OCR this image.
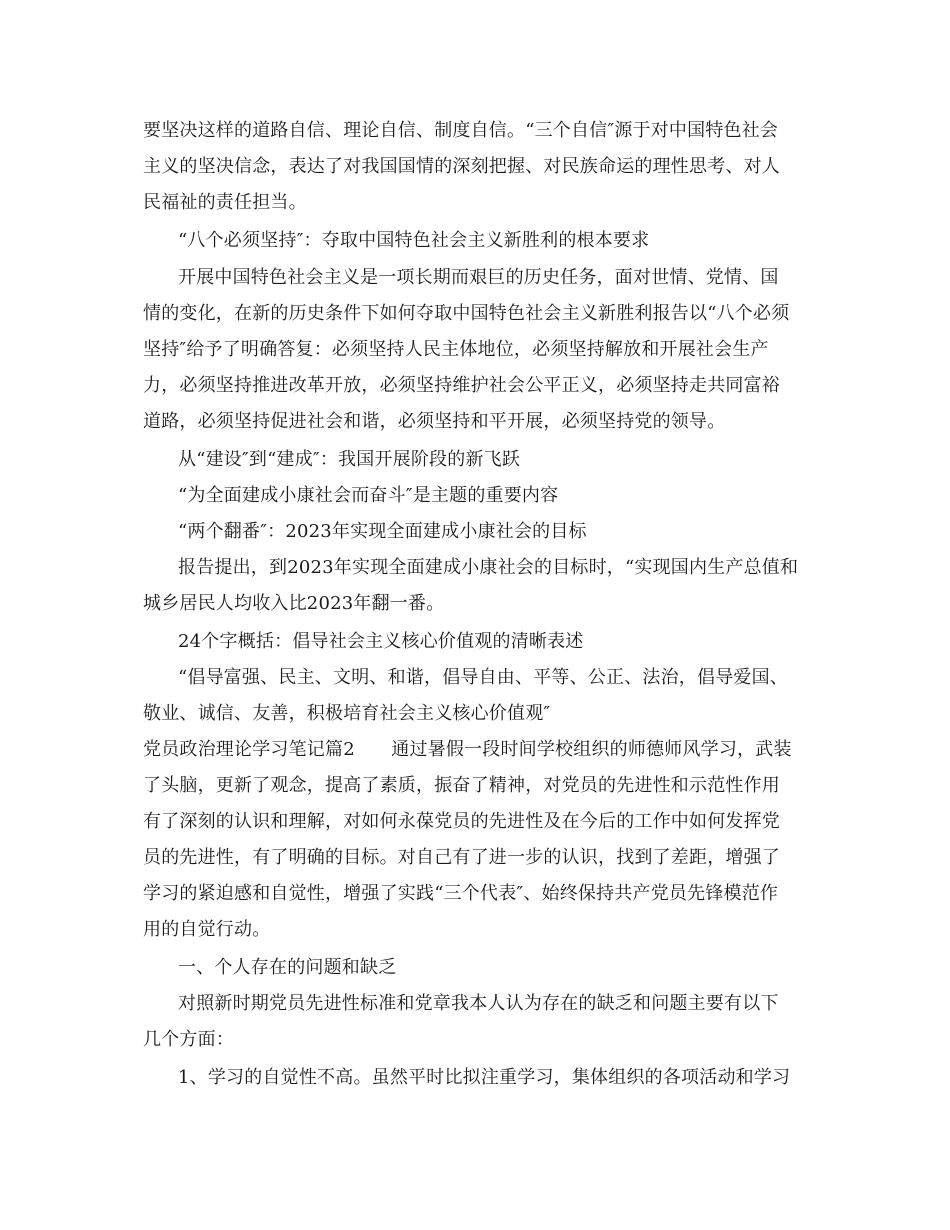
要坚决这样的道路自信、理论自信、制度自信。“三个自信″源于对中国特色社会
主义的坚决信念，表达了对我国国情的深刻把握、对民族命运的理性思考、对人
民福祉的责任担当。
“八个必须坚持″：夺取中国特色社会主义新胜利的根本要求
开展中国特色社会主义是一项长期而艰巨的历史任务，面对世情、党情、国
情的变化，在新的历史条件下如何夺取中国特色社会主义新胜利报告以“八个必须
坚持″给予了明确答复：必须坚持人民主体地位，必须坚持解放和开展社会生产
力，必须坚持推进改革开放，必须坚持维护社会公平正义，必须坚持走共同富裕
道路，必须坚持促进社会和谐，必须坚持和平开展，必须坚持党的领导。
从“建设″到“建成″：我国开展阶段的新飞跃
“为全面建成小康社会而奋斗″是主题的重要内容
“两个翻番″：2023年实现全面建成小康社会的目标
报告提出，到2023年实现全面建成小康社会的目标时，“实现国内生产总值和
城乡居民人均收入比2023年翻一番。
24个字概括：倡导社会主义核心价值观的清晰表述
“倡导富强、民主、文明、和谐，倡导自由、平等、公正、法治，倡导爱国、
敬业、诚信、友善，积极培育社会主义核心价值观″
党员政治理论学习笔记篇2　　通过暑假一段时间学校组织的师德师风学习，武装
了头脑，更新了观念，提高了素质，振奋了精神，对党员的先进性和示范性作用
有了深刻的认识和理解，对如何永葆党员的先进性及在今后的工作中如何发挥党
员的先进性，有了明确的目标。对自己有了进一步的认识，找到了差距，增强了
学习的紧迫感和自觉性，增强了实践“三个代表″、始终保持共产党员先锋模范作
用的自觉行动。
一、个人存在的问题和缺乏
对照新时期党员先进性标准和党章我本人认为存在的缺乏和问题主要有以下
几个方面：
1、学习的自觉性不高。虽然平时比拟注重学习，集体组织的各项活动和学习
